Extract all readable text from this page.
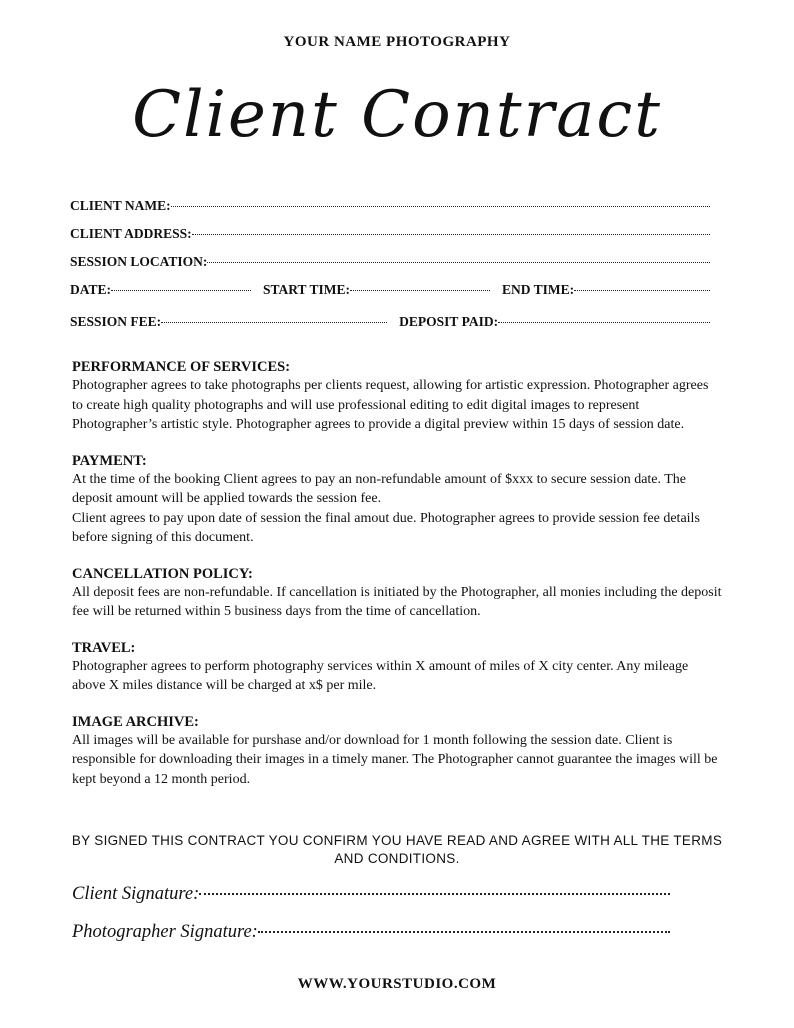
YOUR NAME PHOTOGRAPHY
Client Contract
CLIENT NAME:
CLIENT ADDRESS:
SESSION LOCATION:
DATE:	START TIME:	END TIME:
SESSION FEE:	DEPOSIT PAID:
PERFORMANCE OF SERVICES:

Photographer agrees to take photographs per clients request, allowing for artistic expression. Photographer agrees to create high quality photographs and will use professional editing to edit digital images to represent Photographer’s artistic style. Photographer agrees to provide a digital preview within 15 days of session date.

PAYMENT:

At the time of the booking Client agrees to pay an non-refundable amount of $xxx to secure session date. The deposit amount will be applied towards the session fee.

Client agrees to pay upon date of session the final amout due. Photographer agrees to provide session fee details before signing of this document.

CANCELLATION POLICY:

All deposit fees are non-refundable. If cancellation is initiated by the Photographer, all monies including the deposit fee will be returned within 5 business days from the time of cancellation.

TRAVEL:

Photographer agrees to perform photography services within X amount of miles of X city center. Any mileage above X miles distance will be charged at x$ per mile.

IMAGE ARCHIVE:

All images will be available for purshase and/or download for 1 month following the session date. Client is responsible for downloading their images in a timely maner. The Photographer cannot guarantee the images will be kept beyond a 12 month period.

BY SIGNED THIS CONTRACT YOU CONFIRM YOU HAVE READ AND AGREE WITH ALL THE TERMS AND CONDITIONS.
Client Signature:
Photographer Signature:
WWW.YOURSTUDIO.COM
